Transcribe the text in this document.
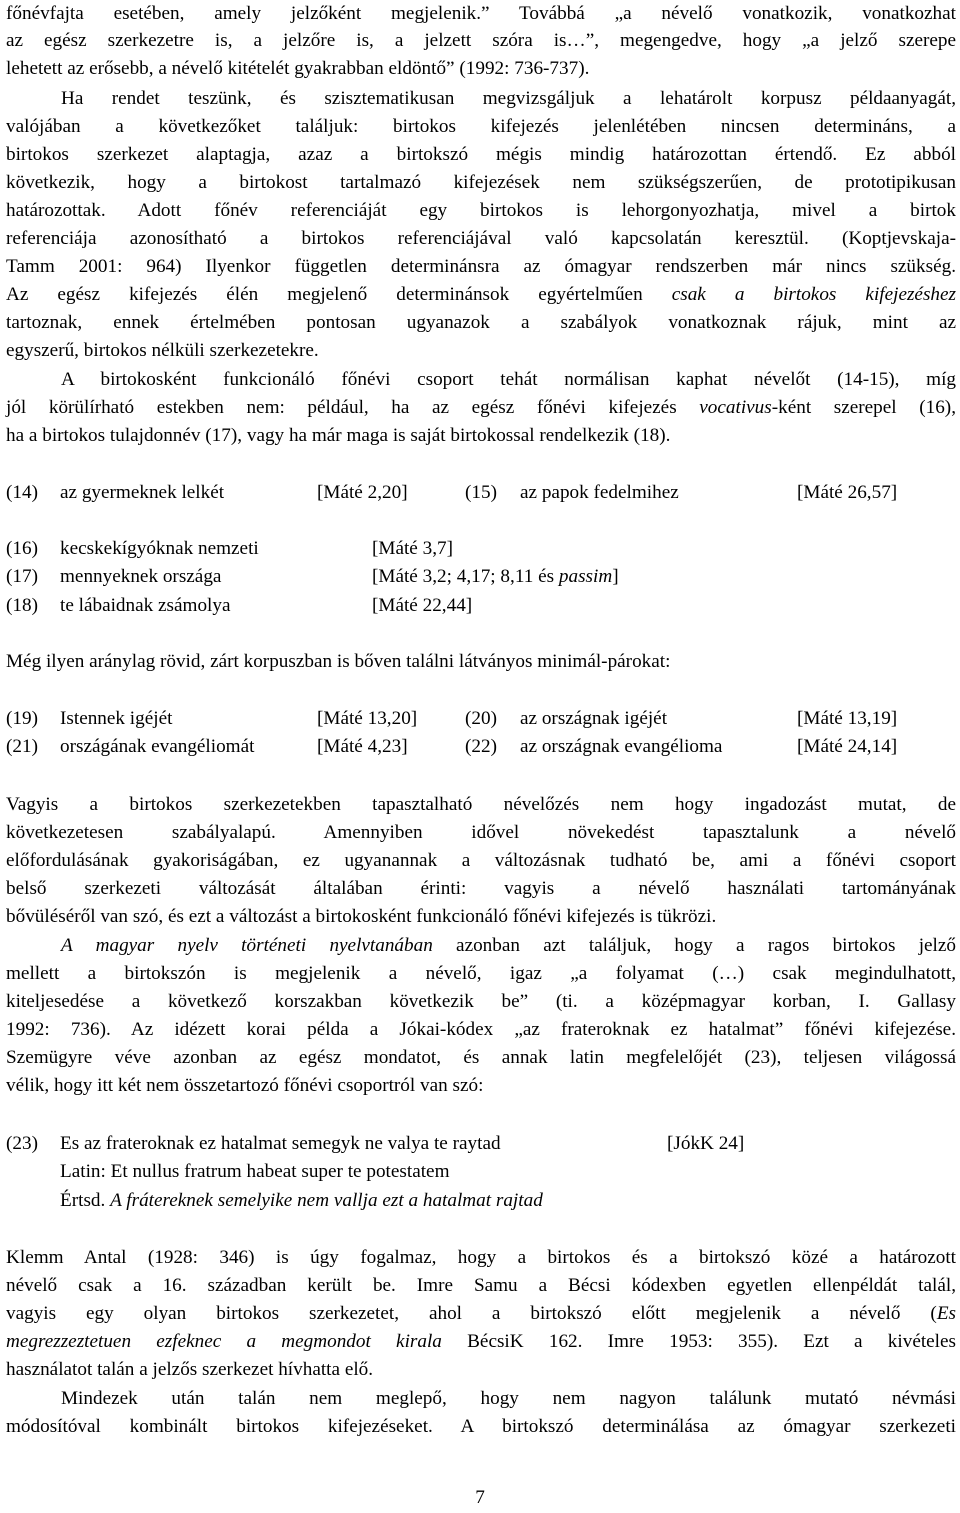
főnévfajta esetében, amely jelzőként megjelenik.” Továbbá „a névelő vonatkozik, vonatkozhat
az egész szerkezetre is, a jelzőre is, a jelzett szóra is…”, megengedve, hogy „a jelző szerepe
lehetett az erősebb, a névelő kitételét gyakrabban eldöntő” (1992: 736-737).
Ha rendet teszünk, és szisztematikusan megvizsgáljuk a lehatárolt korpusz példaanyagát,
valójában a következőket találjuk: birtokos kifejezés jelenlétében nincsen determináns, a
birtokos szerkezet alaptagja, azaz a birtokszó mégis mindig határozottan értendő. Ez abból
következik, hogy a birtokost tartalmazó kifejezések nem szükségszerűen, de prototipikusan
határozottak. Adott főnév referenciáját egy birtokos is lehorgonyozhatja, mivel a birtok
referenciája azonosítható a birtokos referenciájával való kapcsolatán keresztül. (Koptjevskaja-
Tamm 2001: 964) Ilyenkor független determinánsra az ómagyar rendszerben már nincs szükség.
Az egész kifejezés élén megjelenő determinánsok egyértelműen csak a birtokos kifejezéshez
tartoznak, ennek értelmében pontosan ugyanazok a szabályok vonatkoznak rájuk, mint az
egyszerű, birtokos nélküli szerkezetekre.
A birtokosként funkcionáló főnévi csoport tehát normálisan kaphat névelőt (14-15), míg
jól körülírható estekben nem: például, ha az egész főnévi kifejezés vocativus-ként szerepel (16),
ha a birtokos tulajdonnév (17), vagy ha már maga is saját birtokossal rendelkezik (18).
(14) az gyermeknek lelkét	[Máté 2,20]	(15) az papok fedelmihez	[Máté 26,57]
(16) kecskekígyóknak nemzeti	[Máté 3,7]
(17) mennyeknek országa	[Máté 3,2; 4,17; 8,11 és passim]
(18) te lábaidnak zsámolya	[Máté 22,44]
Még ilyen aránylag rövid, zárt korpuszban is bőven találni látványos minimál-párokat:
(19) Istennek igéjét	[Máté 13,20] (20) az országnak igéjét	[Máté 13,19]
(21) országának evangéliomát	[Máté 4,23]	(22) az országnak evangélioma	[Máté 24,14]
Vagyis a birtokos szerkezetekben tapasztalható névelőzés nem hogy ingadozást mutat, de
következetesen szabályalapú. Amennyiben idővel növekedést tapasztalunk a névelő
előfordulásának gyakoriságában, ez ugyanannak a változásnak tudható be, ami a főnévi csoport
belső szerkezeti változását általában érinti: vagyis a névelő használati tartományának
bővüléséről van szó, és ezt a változást a birtokosként funkcionáló főnévi kifejezés is tükrözi.
A magyar nyelv történeti nyelvtanában azonban azt találjuk, hogy a ragos birtokos jelző
mellett a birtokszón is megjelenik a névelő, igaz „a folyamat (…) csak megindulhatott,
kiteljesedése a következő korszakban következik be” (ti. a középmagyar korban, I. Gallasy
1992: 736). Az idézett korai példa a Jókai-kódex „az frateroknak ez hatalmat” főnévi kifejezése.
Szemügyre véve azonban az egész mondatot, és annak latin megfelelőjét (23), teljesen világossá
vélik, hogy itt két nem összetartozó főnévi csoportról van szó:
(23) Es az frateroknak ez hatalmat semegyk ne valya te raytad	[JókK 24]
Latin: Et nullus fratrum habeat super te potestatem
Értsd. A frátereknek semelyike nem vallja ezt a hatalmat rajtad
Klemm Antal (1928: 346) is úgy fogalmaz, hogy a birtokos és a birtokszó közé a határozott
névelő csak a 16. században került be. Imre Samu a Bécsi kódexben egyetlen ellenpéldát talál,
vagyis egy olyan birtokos szerkezetet, ahol a birtokszó előtt megjelenik a névelő (Es
megrezzeztetuen ezfeknec a megmondot kirala BécsiK 162. Imre 1953: 355). Ezt a kivételes
használatot talán a jelzős szerkezet hívhatta elő.
Mindezek után talán nem meglepő, hogy nem nagyon találunk mutató névmási
módosítóval kombinált birtokos kifejezéseket. A birtokszó determinálása az ómagyar szerkezeti
7
